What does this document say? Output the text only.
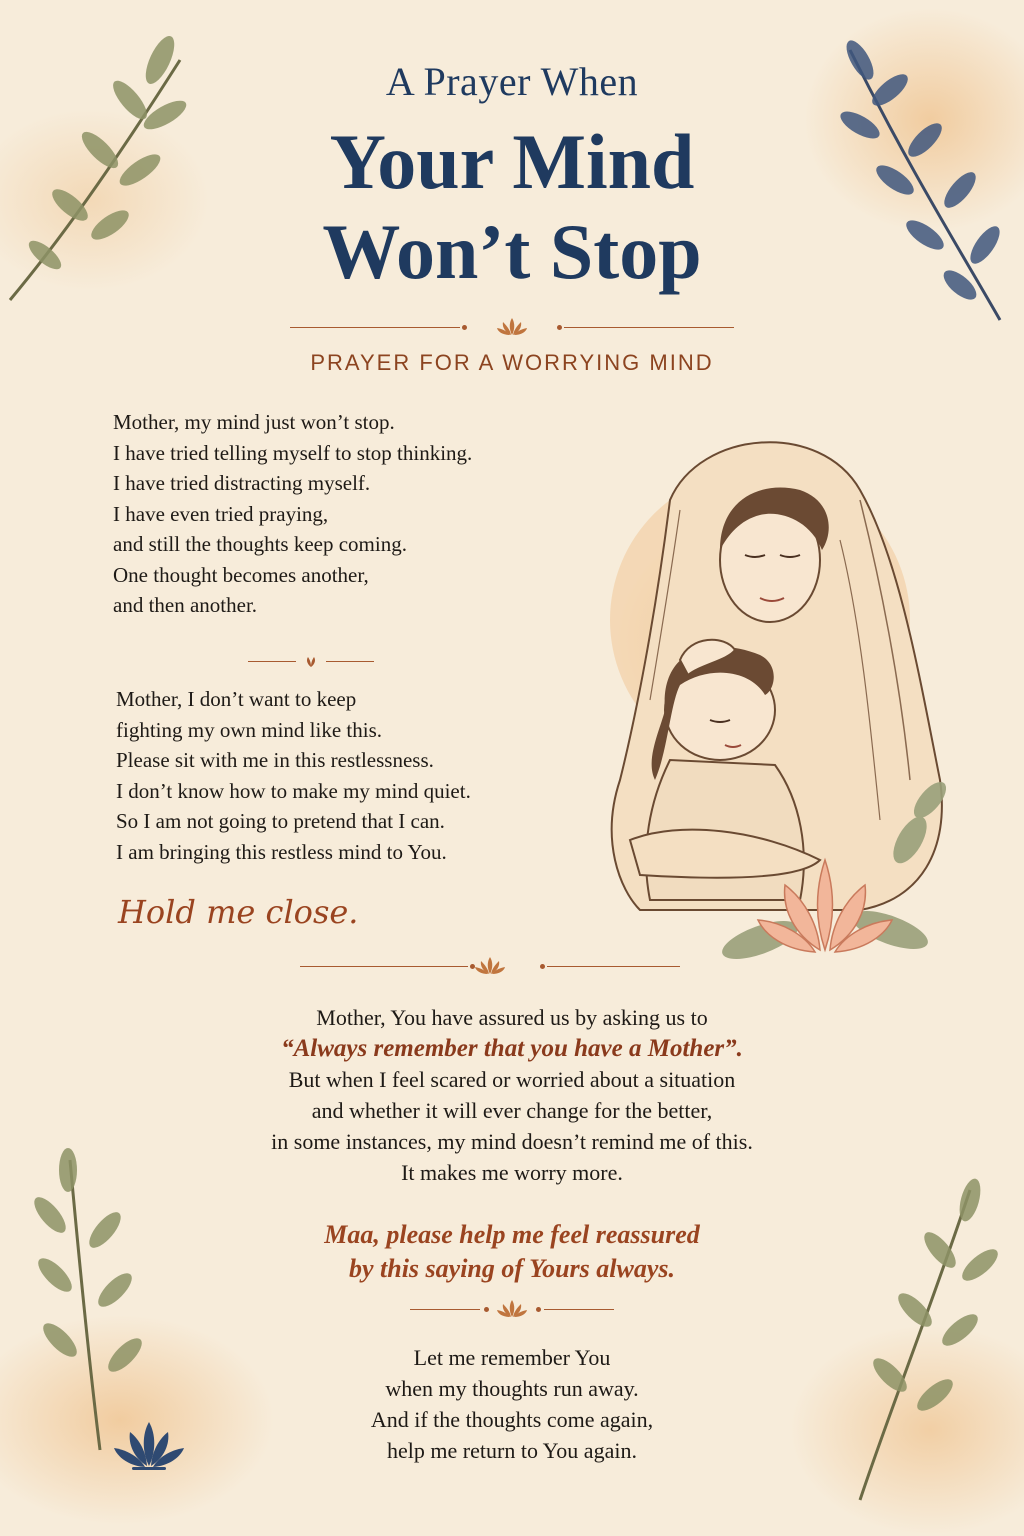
A Prayer When
Your Mind
Won’t Stop
PRAYER FOR A WORRYING MIND
Mother, my mind just won’t stop.
I have tried telling myself to stop thinking.
I have tried distracting myself.
I have even tried praying,
and still the thoughts keep coming.
One thought becomes another,
and then another.
Mother, I don’t want to keep
fighting my own mind like this.
Please sit with me in this restlessness.
I don’t know how to make my mind quiet.
So I am not going to pretend that I can.
I am bringing this restless mind to You.
Hold me close.
Mother, You have assured us by asking us to
“Always remember that you have a Mother”.
But when I feel scared or worried about a situation
and whether it will ever change for the better,
in some instances, my mind doesn’t remind me of this.
It makes me worry more.
Maa, please help me feel reassured
by this saying of Yours always.
Let me remember You
when my thoughts run away.
And if the thoughts come again,
help me return to You again.
